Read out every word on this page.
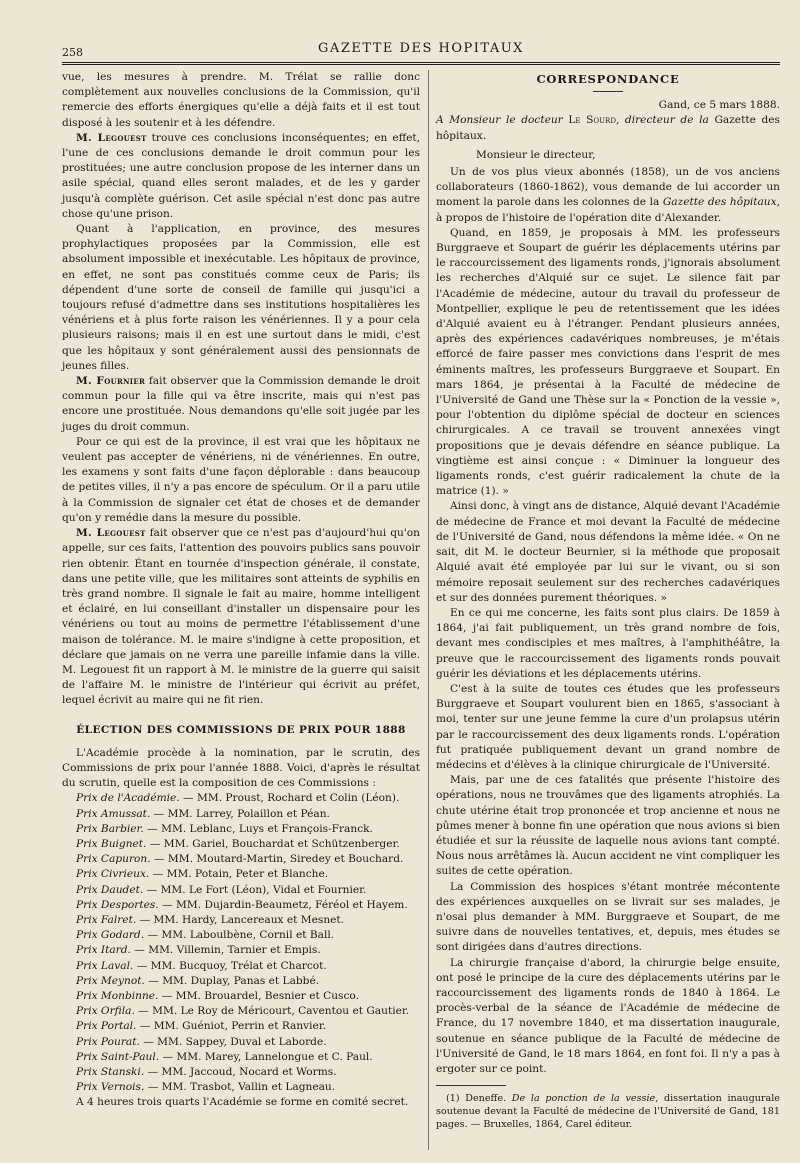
258	GAZETTE DES HOPITAUX

vue, les mesures à prendre. M. Trélat se rallie donc complètement aux nouvelles conclusions de la Commission, qu'il remercie des efforts énergiques qu'elle a déjà faits et il est tout disposé à les soutenir et à les défendre.

M. Legouest trouve ces conclusions inconséquentes; en effet, l'une de ces conclusions demande le droit commun pour les prostituées; une autre conclusion propose de les interner dans un asile spécial, quand elles seront malades, et de les y garder jusqu'à complète guérison. Cet asile spécial n'est donc pas autre chose qu'une prison.

Quant à l'application, en province, des mesures prophylactiques proposées par la Commission, elle est absolument impossible et inexécutable. Les hôpitaux de province, en effet, ne sont pas constitués comme ceux de Paris; ils dépendent d'une sorte de conseil de famille qui jusqu'ici a toujours refusé d'admettre dans ses institutions hospitalières les vénériens et à plus forte raison les vénériennes. Il y a pour cela plusieurs raisons; mais il en est une surtout dans le midi, c'est que les hôpitaux y sont généralement aussi des pensionnats de jeunes filles.

M. Fournier fait observer que la Commission demande le droit commun pour la fille qui va être inscrite, mais qui n'est pas encore une prostituée. Nous demandons qu'elle soit jugée par les juges du droit commun.

Pour ce qui est de la province, il est vrai que les hôpitaux ne veulent pas accepter de vénériens, ni de vénériennes. En outre, les examens y sont faits d'une façon déplorable : dans beaucoup de petites villes, il n'y a pas encore de spéculum. Or il a paru utile à la Commission de signaler cet état de choses et de demander qu'on y remédie dans la mesure du possible.

M. Legouest fait observer que ce n'est pas d'aujourd'hui qu'on appelle, sur ces faits, l'attention des pouvoirs publics sans pouvoir rien obtenir. Étant en tournée d'inspection générale, il constate, dans une petite ville, que les militaires sont atteints de syphilis en très grand nombre. Il signale le fait au maire, homme intelligent et éclairé, en lui conseillant d'installer un dispensaire pour les vénériens ou tout au moins de permettre l'établissement d'une maison de tolérance. M. le maire s'indigne à cette proposition, et déclare que jamais on ne verra une pareille infamie dans la ville. M. Legouest fit un rapport à M. le ministre de la guerre qui saisit de l'affaire M. le ministre de l'intérieur qui écrivit au préfet, lequel écrivit au maire qui ne fit rien.

ÉLECTION DES COMMISSIONS DE PRIX POUR 1888

L'Académie procède à la nomination, par le scrutin, des Commissions de prix pour l'année 1888. Voici, d'après le résultat du scrutin, quelle est la composition de ces Commissions :

Prix de l'Académie. — MM. Proust, Rochard et Colin (Léon).
Prix Amussat. — MM. Larrey, Polaillon et Péan.
Prix Barbier. — MM. Leblanc, Luys et François-Franck.
Prix Buignet. — MM. Gariel, Bouchardat et Schützenberger.
Prix Capuron. — MM. Moutard-Martin, Siredey et Bouchard.
Prix Civrieux. — MM. Potain, Peter et Blanche.
Prix Daudet. — MM. Le Fort (Léon), Vidal et Fournier.
Prix Desportes. — MM. Dujardin-Beaumetz, Féréol et Hayem.
Prix Falret. — MM. Hardy, Lancereaux et Mesnet.
Prix Godard. — MM. Laboulbène, Cornil et Ball.
Prix Itard. — MM. Villemin, Tarnier et Empis.
Prix Laval. — MM. Bucquoy, Trélat et Charcot.
Prix Meynot. — MM. Duplay, Panas et Labbé.
Prix Monbinne. — MM. Brouardel, Besnier et Cusco.
Prix Orfila. — MM. Le Roy de Méricourt, Caventou et Gautier.
Prix Portal. — MM. Guéniot, Perrin et Ranvier.
Prix Pourat. — MM. Sappey, Duval et Laborde.
Prix Saint-Paul. — MM. Marey, Lannelongue et C. Paul.
Prix Stanski. — MM. Jaccoud, Nocard et Worms.
Prix Vernois. — MM. Trasbot, Vallin et Lagneau.

A 4 heures trois quarts l'Académie se forme en comité secret.

CORRESPONDANCE
Gand, ce 5 mars 1888.

A Monsieur le docteur Le Sourd, directeur de la Gazette des hôpitaux.

Monsieur le directeur,

Un de vos plus vieux abonnés (1858), un de vos anciens collaborateurs (1860-1862), vous demande de lui accorder un moment la parole dans les colonnes de la Gazette des hôpitaux, à propos de l'histoire de l'opération dite d'Alexander.

Quand, en 1859, je proposais à MM. les professeurs Burggraeve et Soupart de guérir les déplacements utérins par le raccourcissement des ligaments ronds, j'ignorais absolument les recherches d'Alquié sur ce sujet. Le silence fait par l'Académie de médecine, autour du travail du professeur de Montpellier, explique le peu de retentissement que les idées d'Alquié avaient eu à l'étranger. Pendant plusieurs années, après des expériences cadavériques nombreuses, je m'étais efforcé de faire passer mes convictions dans l'esprit de mes éminents maîtres, les professeurs Burggraeve et Soupart. En mars 1864, je présentai à la Faculté de médecine de l'Université de Gand une Thèse sur la « Ponction de la vessie », pour l'obtention du diplôme spécial de docteur en sciences chirurgicales. A ce travail se trouvent annexées vingt propositions que je devais défendre en séance publique. La vingtième est ainsi conçue : « Diminuer la longueur des ligaments ronds, c'est guérir radicalement la chute de la matrice (1). »

Ainsi donc, à vingt ans de distance, Alquié devant l'Académie de médecine de France et moi devant la Faculté de médecine de l'Université de Gand, nous défendons la même idée. « On ne sait, dit M. le docteur Beurnier, si la méthode que proposait Alquié avait été employée par lui sur le vivant, ou si son mémoire reposait seulement sur des recherches cadavériques et sur des données purement théoriques. »

En ce qui me concerne, les faits sont plus clairs. De 1859 à 1864, j'ai fait publiquement, un très grand nombre de fois, devant mes condisciples et mes maîtres, à l'amphithéâtre, la preuve que le raccourcissement des ligaments ronds pouvait guérir les déviations et les déplacements utérins.

C'est à la suite de toutes ces études que les professeurs Burggraeve et Soupart voulurent bien en 1865, s'associant à moi, tenter sur une jeune femme la cure d'un prolapsus utérin par le raccourcissement des deux ligaments ronds. L'opération fut pratiquée publiquement devant un grand nombre de médecins et d'élèves à la clinique chirurgicale de l'Université.

Mais, par une de ces fatalités que présente l'histoire des opérations, nous ne trouvâmes que des ligaments atrophiés. La chute utérine était trop prononcée et trop ancienne et nous ne pûmes mener à bonne fin une opération que nous avions si bien étudiée et sur la réussite de laquelle nous avions tant compté. Nous nous arrêtâmes là. Aucun accident ne vint compliquer les suites de cette opération.

La Commission des hospices s'étant montrée mécontente des expériences auxquelles on se livrait sur ses malades, je n'osai plus demander à MM. Burggraeve et Soupart, de me suivre dans de nouvelles tentatives, et, depuis, mes études se sont dirigées dans d'autres directions.

La chirurgie française d'abord, la chirurgie belge ensuite, ont posé le principe de la cure des déplacements utérins par le raccourcissement des ligaments ronds de 1840 à 1864. Le procès-verbal de la séance de l'Académie de médecine de France, du 17 novembre 1840, et ma dissertation inaugurale, soutenue en séance publique de la Faculté de médecine de l'Université de Gand, le 18 mars 1864, en font foi. Il n'y a pas à ergoter sur ce point.

(1) Deneffe. De la ponction de la vessie, dissertation inaugurale soutenue devant la Faculté de médecine de l'Université de Gand, 181 pages. — Bruxelles, 1864, Carel éditeur.
